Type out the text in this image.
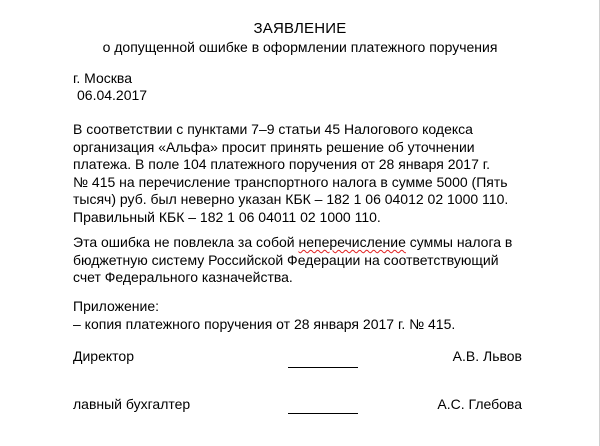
ЗАЯВЛЕНИЕ
о допущенной ошибке в оформлении платежного поручения
г. Москва
06.04.2017
В соответствии с пунктами 7–9 статьи 45 Налогового кодекса
организация «Альфа» просит принять решение об уточнении
платежа. В поле 104 платежного поручения от 28 января 2017 г.
№ 415 на перечисление транспортного налога в сумме 5000 (Пять
тысяч) руб. был неверно указан КБК – 182 1 06 04012 02 1000 110.
Правильный КБК – 182 1 06 04011 02 1000 110.
Эта ошибка не повлекла за собой неперечисление суммы налога в
бюджетную систему Российской Федерации на соответствующий
счет Федерального казначейства.
Приложение:
– копия платежного поручения от 28 января 2017 г. № 415.
Директор	А.В. Львов
лавный бухгалтер	А.С. Глебова
